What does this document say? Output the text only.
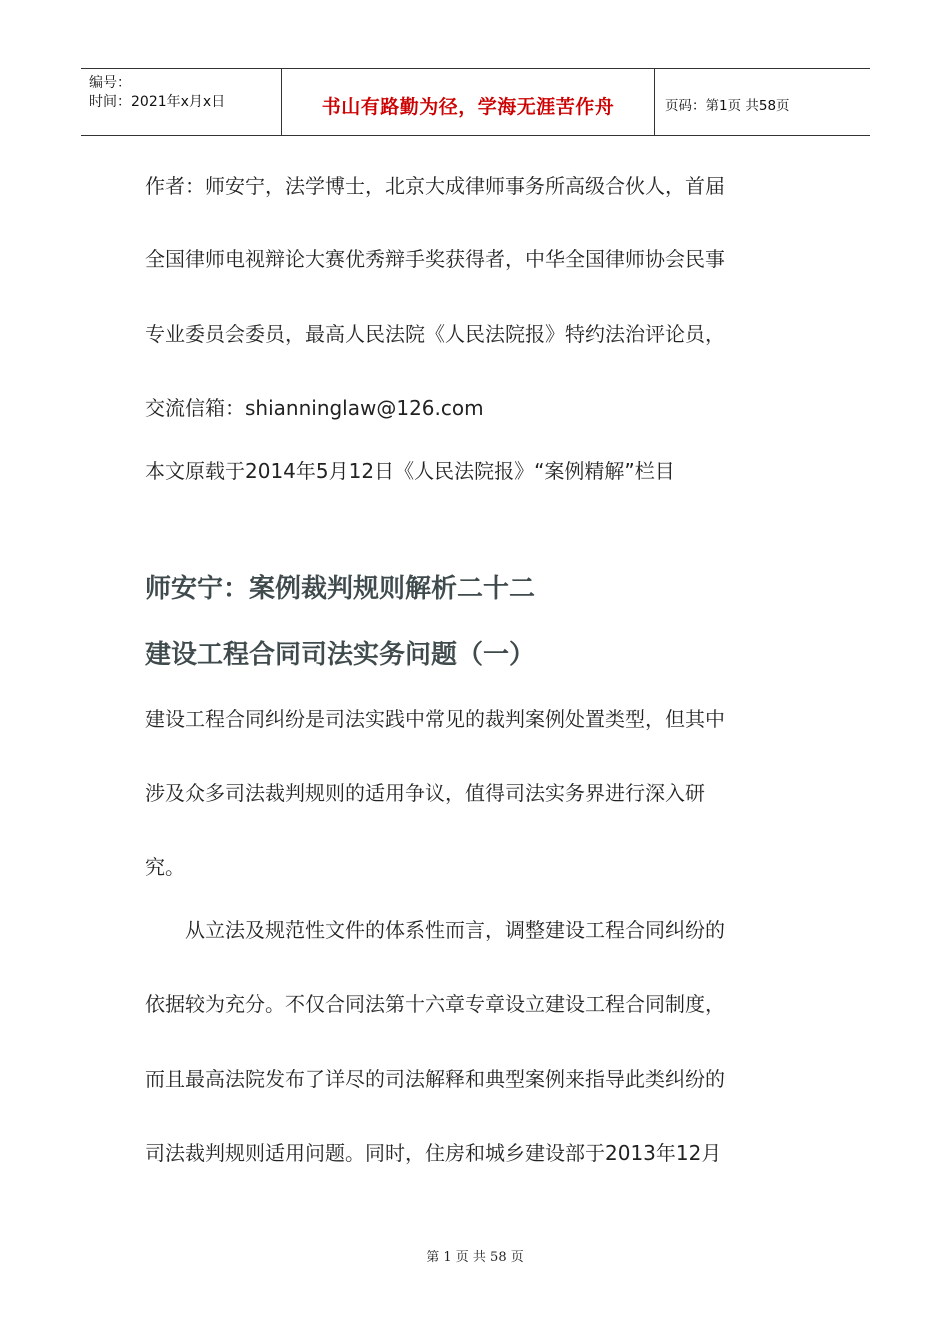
编号：
时间：2021年x月x日	书山有路勤为径，学海无涯苦作舟	页码：第1页 共58页
作者：师安宁，法学博士，北京大成律师事务所高级合伙人，首届
全国律师电视辩论大赛优秀辩手奖获得者，中华全国律师协会民事
专业委员会委员，最高人民法院《人民法院报》特约法治评论员，
交流信箱：shianninglaw@126.com
本文原载于2014年5月12日《人民法院报》“案例精解”栏目
师安宁：案例裁判规则解析二十二
建设工程合同司法实务问题（一）
建设工程合同纠纷是司法实践中常见的裁判案例处置类型，但其中
涉及众多司法裁判规则的适用争议，值得司法实务界进行深入研
究。
　　从立法及规范性文件的体系性而言，调整建设工程合同纠纷的
依据较为充分。不仅合同法第十六章专章设立建设工程合同制度，
而且最高法院发布了详尽的司法解释和典型案例来指导此类纠纷的
司法裁判规则适用问题。同时，住房和城乡建设部于2013年12月
第 1 页 共 58 页
